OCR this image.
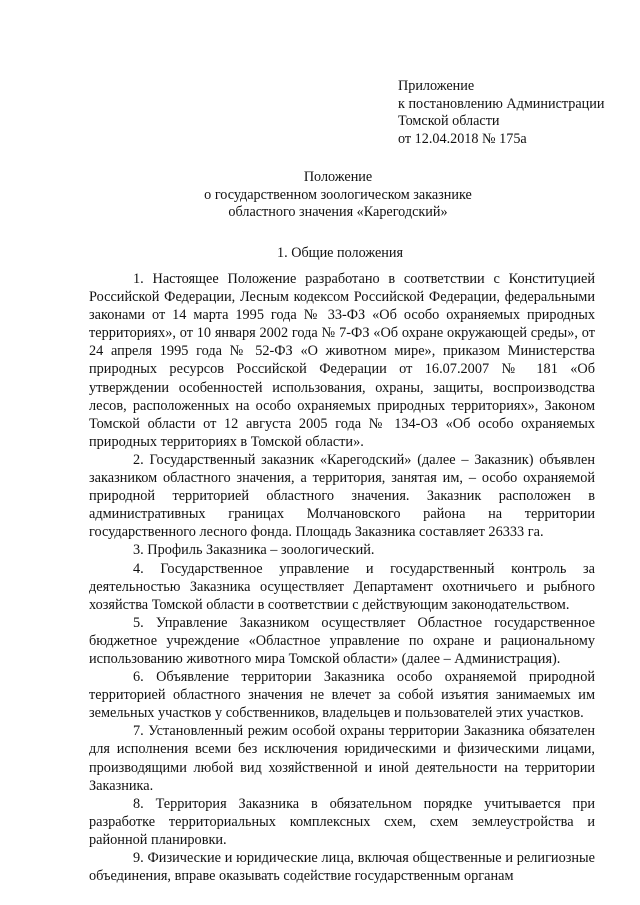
Приложение
к постановлению Администрации
Томской области
от 12.04.2018 № 175а
Положение
о государственном зоологическом заказнике
областного значения «Карегодский»
1. Общие положения

1. Настоящее Положение разработано в соответствии с Конституцией Российской Федерации, Лесным кодексом Российской Федерации, федеральными законами от 14 марта 1995 года № 33-ФЗ «Об особо охраняемых природных территориях», от 10 января 2002 года № 7-ФЗ «Об охране окружающей среды», от 24 апреля 1995 года № 52-ФЗ «О животном мире», приказом Министерства природных ресурсов Российской Федерации от 16.07.2007 № 181 «Об утверждении особенностей использования, охраны, защиты, воспроизводства лесов, расположенных на особо охраняемых природных территориях», Законом Томской области от 12 августа 2005 года № 134-ОЗ «Об особо охраняемых природных территориях в Томской области».

2. Государственный заказник «Карегодский» (далее – Заказник) объявлен заказником областного значения, а территория, занятая им, – особо охраняемой природной территорией областного значения. Заказник расположен в административных границах Молчановского района на территории государственного лесного фонда. Площадь Заказника составляет 26333 га.

3. Профиль Заказника – зоологический.

4. Государственное управление и государственный контроль за деятельностью Заказника осуществляет Департамент охотничьего и рыбного хозяйства Томской области в соответствии с действующим законодательством.

5. Управление Заказником осуществляет Областное государственное бюджетное учреждение «Областное управление по охране и рациональному использованию животного мира Томской области» (далее – Администрация).

6. Объявление территории Заказника особо охраняемой природной территорией областного значения не влечет за собой изъятия занимаемых им земельных участков у собственников, владельцев и пользователей этих участков.

7. Установленный режим особой охраны территории Заказника обязателен для исполнения всеми без исключения юридическими и физическими лицами, производящими любой вид хозяйственной и иной деятельности на территории Заказника.

8. Территория Заказника в обязательном порядке учитывается при разработке территориальных комплексных схем, схем землеустройства и районной планировки.

9. Физические и юридические лица, включая общественные и религиозные объединения, вправе оказывать содействие государственным органам
